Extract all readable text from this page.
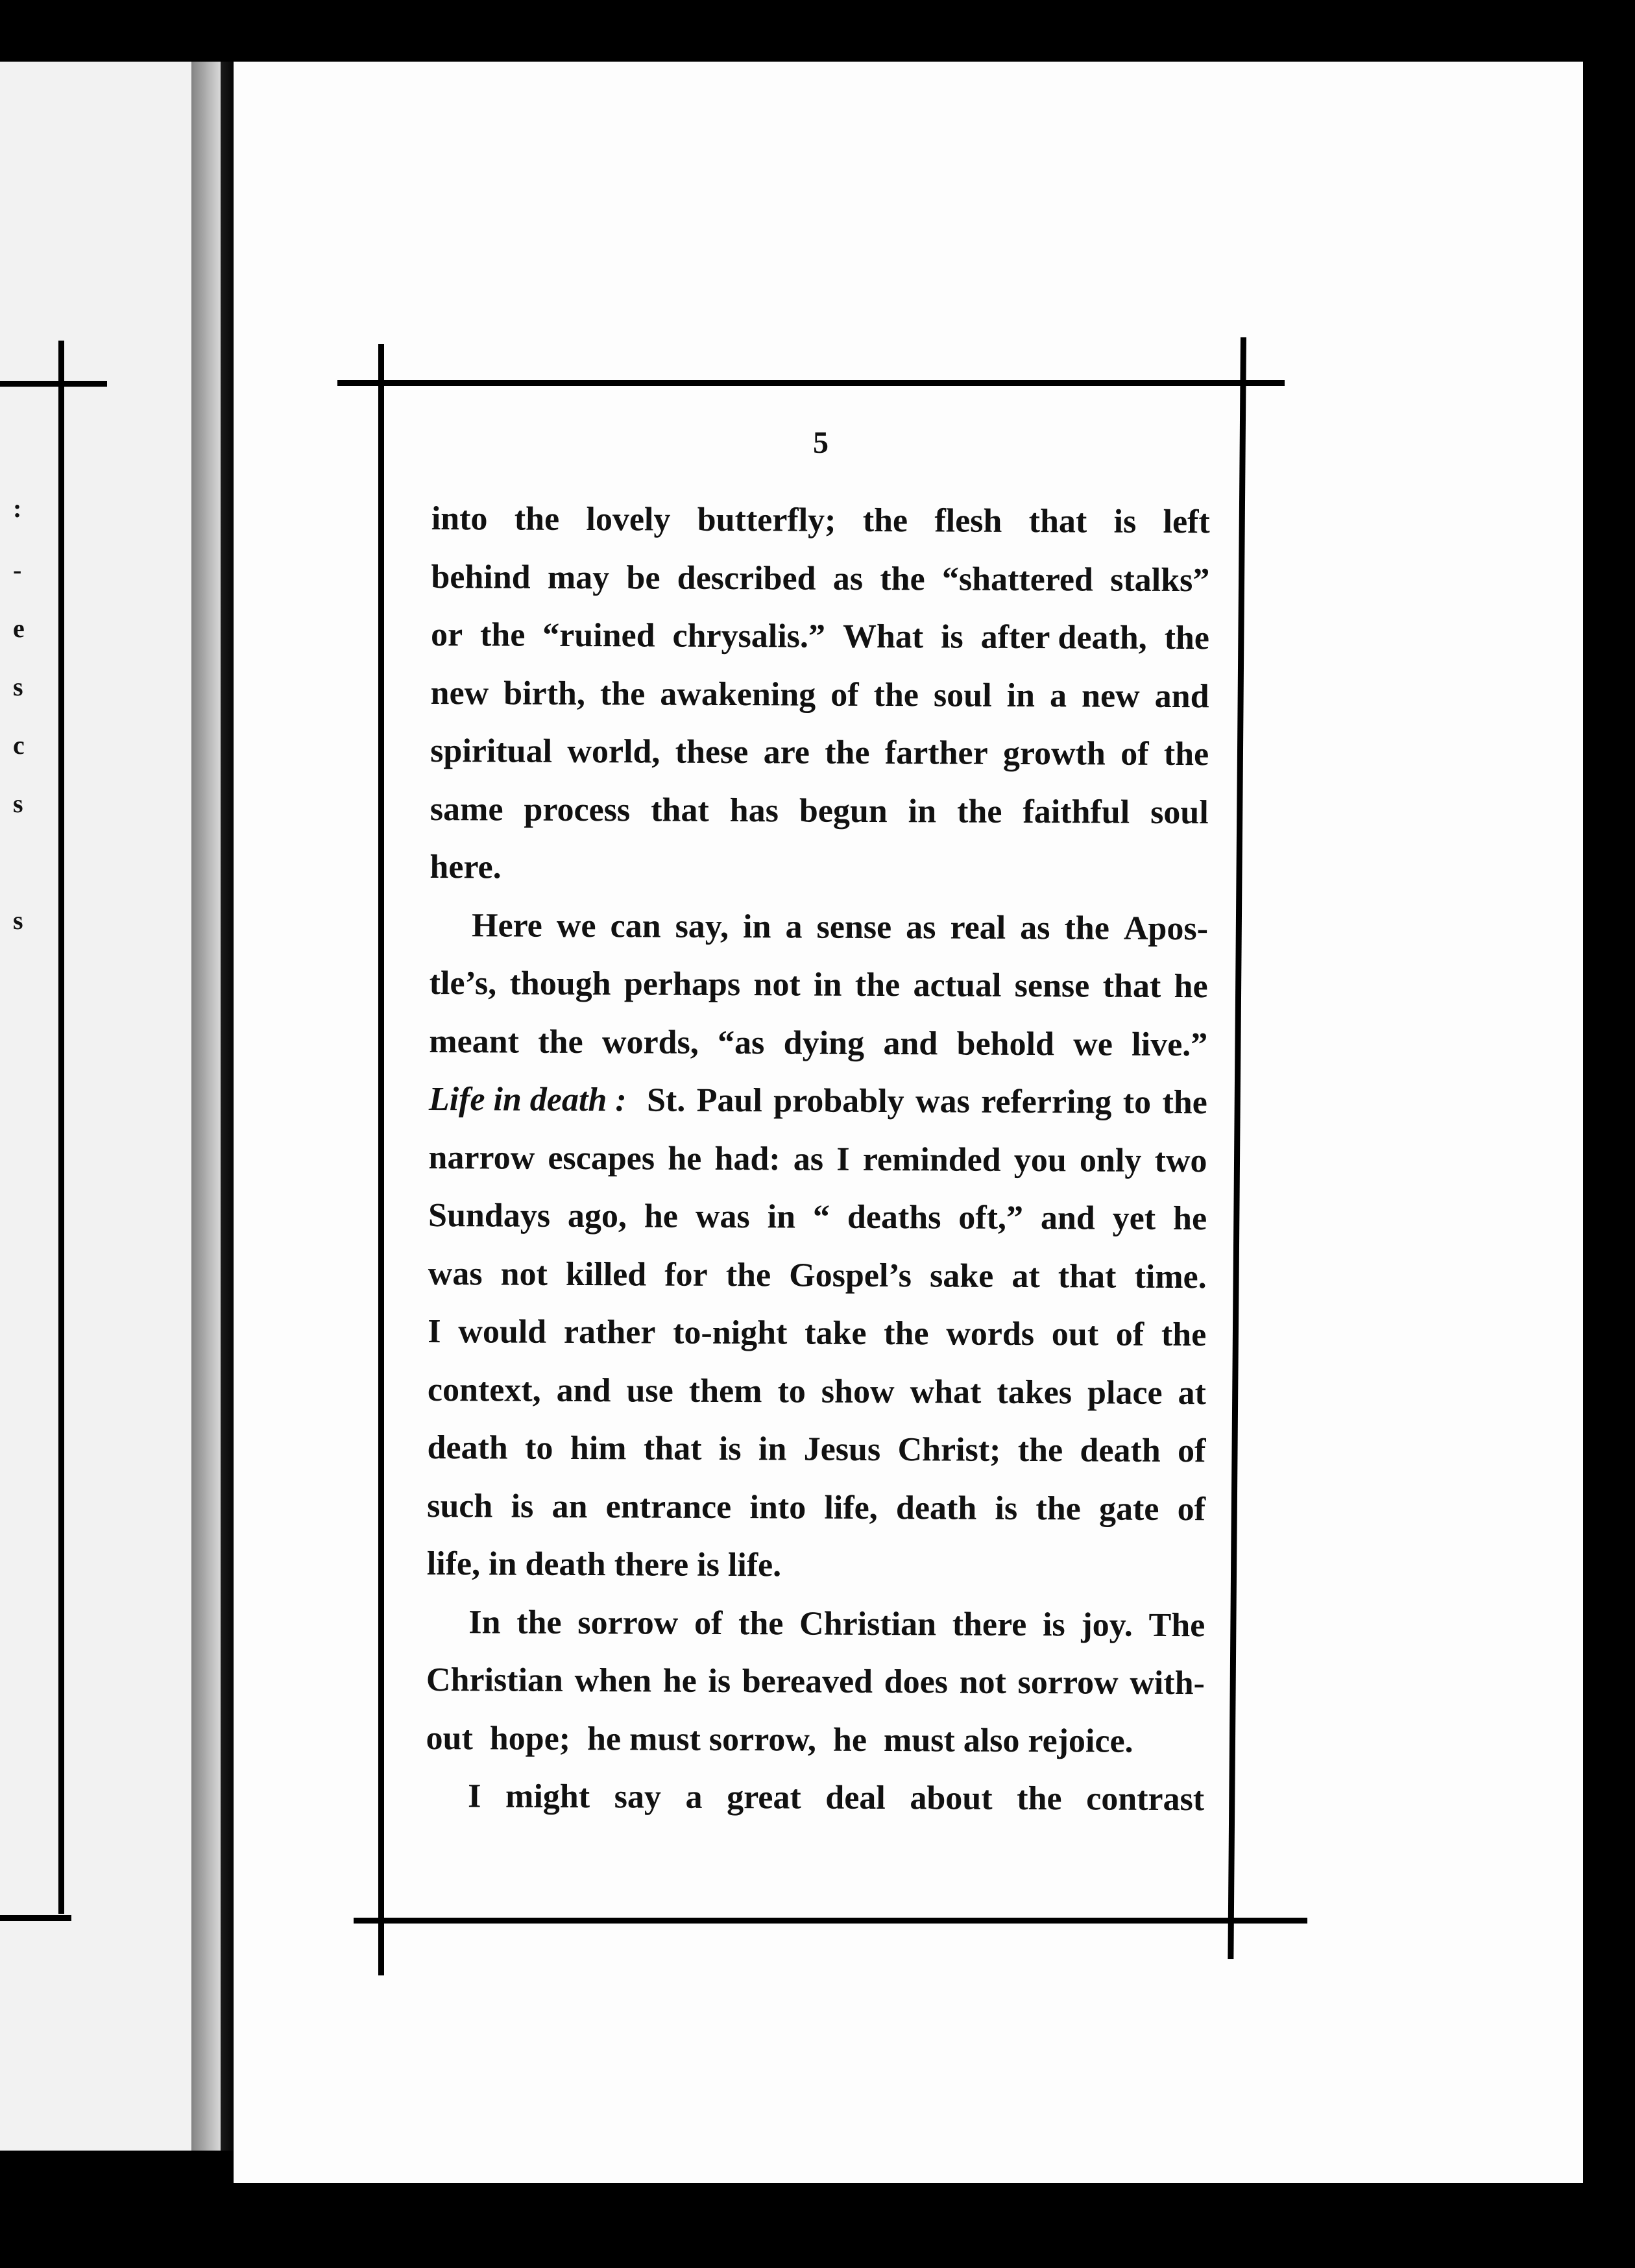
:
-
e
s
c
s
s
5
into the lovely butterfly; the flesh that is left
behind may be described as the “shattered stalks”
or the “ruined chrysalis.” What is after death, the
new birth, the awakening of the soul in a new and
spiritual world, these are the farther growth of the
same process that has begun in the faithful soul
here.
Here we can say, in a sense as real as the Apos-
tle’s, though perhaps not in the actual sense that he
meant the words, “as dying and behold we live.”
Life in death : St. Paul probably was referring to the
narrow escapes he had: as I reminded you only two
Sundays ago, he was in “ deaths oft,” and yet he
was not killed for the Gospel’s sake at that time.
I would rather to-night take the words out of the
context, and use them to show what takes place at
death to him that is in Jesus Christ; the death of
such is an entrance into life, death is the gate of
life, in death there is life.
In the sorrow of the Christian there is joy. The
Christian when he is bereaved does not sorrow with-
out  hope;  he must sorrow,  he  must also rejoice.
I might say a great deal about the contrast
